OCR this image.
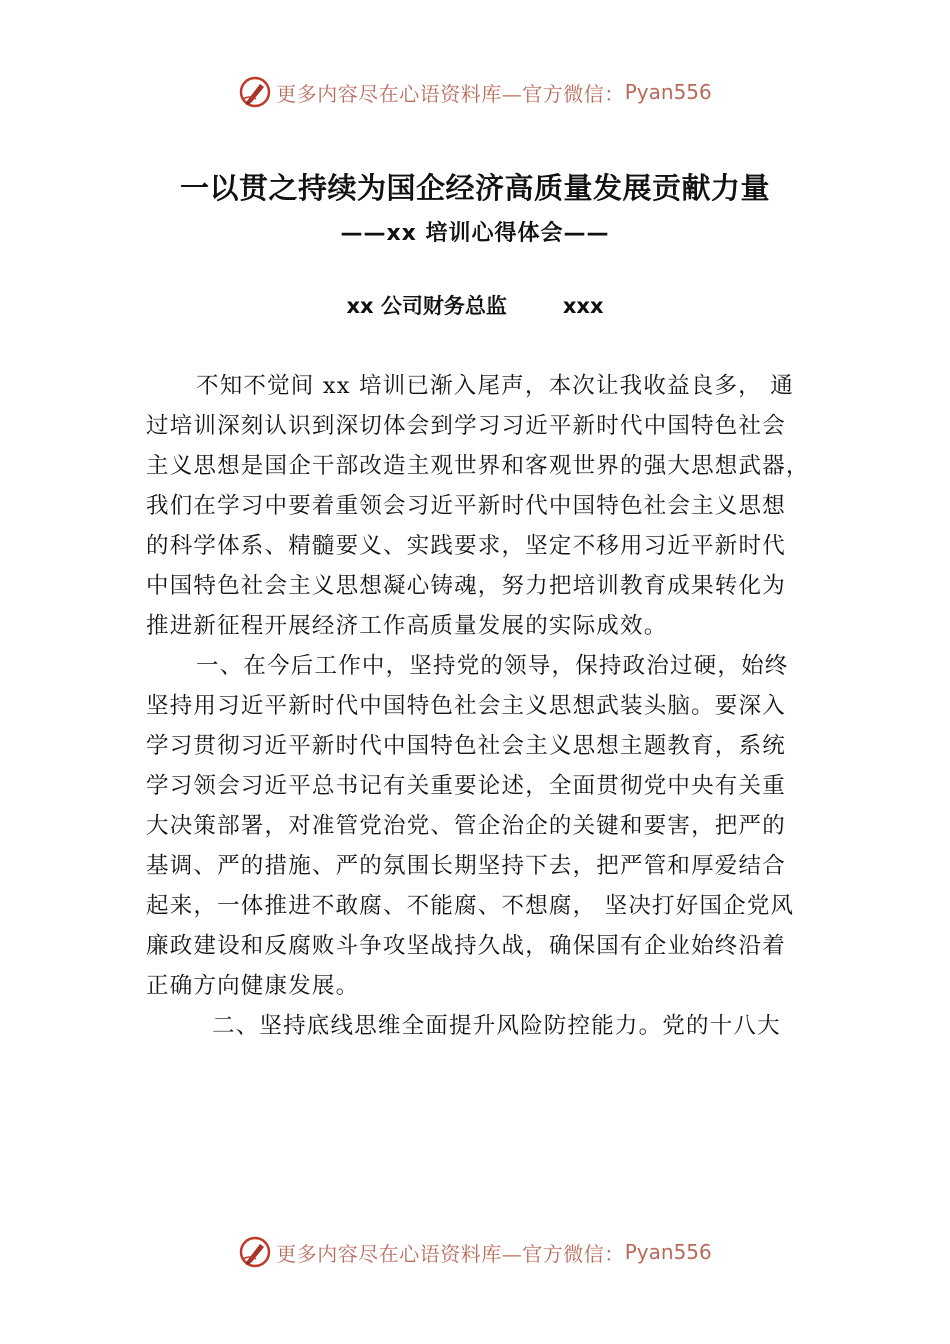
更多内容尽在心语资料库—官方微信： Pyan556
一以贯之持续为国企经济高质量发展贡献力量
——xx 培训心得体会——
xx 公司财务总监	xxx
不知不觉间 xx 培训已渐入尾声，本次让我收益良多， 通
过培训深刻认识到深切体会到学习习近平新时代中国特色社会
主义思想是国企干部改造主观世界和客观世界的强大思想武器，
我们在学习中要着重领会习近平新时代中国特色社会主义思想
的科学体系、精髓要义、实践要求，坚定不移用习近平新时代
中国特色社会主义思想凝心铸魂，努力把培训教育成果转化为
推进新征程开展经济工作高质量发展的实际成效。
一、在今后工作中，坚持党的领导，保持政治过硬，始终
坚持用习近平新时代中国特色社会主义思想武装头脑。要深入
学习贯彻习近平新时代中国特色社会主义思想主题教育，系统
学习领会习近平总书记有关重要论述，全面贯彻党中央有关重
大决策部署，对准管党治党、管企治企的关键和要害，把严的
基调、严的措施、严的氛围长期坚持下去，把严管和厚爱结合
起来，一体推进不敢腐、不能腐、不想腐， 坚决打好国企党风
廉政建设和反腐败斗争攻坚战持久战，确保国有企业始终沿着
正确方向健康发展。
二、坚持底线思维全面提升风险防控能力。党的十八大
更多内容尽在心语资料库—官方微信： Pyan556
